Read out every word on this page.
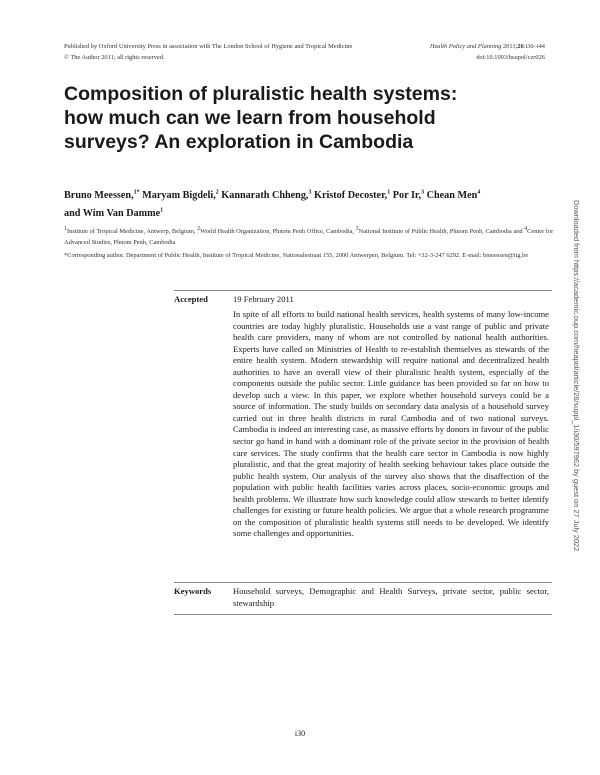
Published by Oxford University Press in association with The London School of Hygiene and Tropical Medicine
© The Author 2011; all rights reserved.
Health Policy and Planning 2011;26:i30–i44
doi:10.1093/heapol/czr026
Composition of pluralistic health systems: how much can we learn from household surveys? An exploration in Cambodia
Bruno Meessen,$^{1*}$ Maryam Bigdeli,$^2$ Kannarath Chheng,$^3$ Kristof Decoster,$^1$ Por Ir,$^3$ Chean Men$^4$
and Wim Van Damme$^1$
$^1$Institute of Tropical Medicine, Antwerp, Belgium, $^2$World Health Organization, Phnom Penh Office, Cambodia, $^3$National Institute of Public Health, Phnom Penh, Cambodia and $^4$Center for Advanced Studies, Phnom Penh, Cambodia
*Corresponding author. Department of Public Health, Institute of Tropical Medicine, Nationalestraat 155, 2000 Antwerpen, Belgium. Tel: +32-3-247 6292. E-mail: bmeessen@itg.be
Accepted	19 February 2011

In spite of all efforts to build national health services, health systems of many low-income countries are today highly pluralistic. Households use a vast range of public and private health care providers, many of whom are not controlled by national health authorities. Experts have called on Ministries of Health to re-establish themselves as stewards of the entire health system. Modern stewardship will require national and decentralized health authorities to have an overall view of their pluralistic health system, especially of the components outside the public sector. Little guidance has been provided so far on how to develop such a view. In this paper, we explore whether household surveys could be a source of information. The study builds on secondary data analysis of a household survey carried out in three health districts in rural Cambodia and of two national surveys. Cambodia is indeed an interesting case, as massive efforts by donors in favour of the public sector go hand in hand with a dominant role of the private sector in the provision of health care services. The study confirms that the health care sector in Cambodia is now highly pluralistic, and that the great majority of health seeking behaviour takes place outside the public health system. Our analysis of the survey also shows that the disaffection of the population with public health facilities varies across places, socio-economic groups and health problems. We illustrate how such knowledge could allow stewards to better identify challenges for existing or future health policies. We argue that a whole research programme on the composition of pluralistic health systems still needs to be developed. We identify some challenges and opportunities.

Keywords	Household surveys, Demographic and Health Surveys, private sector, public sector, stewardship
i30
Downloaded from https://academic.oup.com/heapol/article/26/suppl_1/i30/597962 by guest on 27 July 2022
